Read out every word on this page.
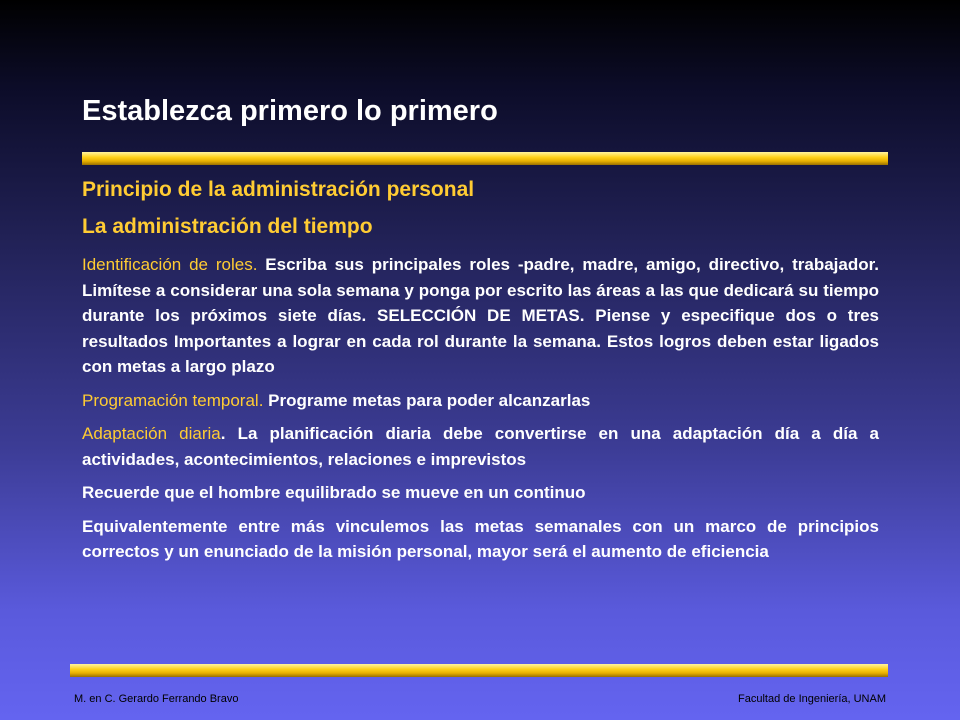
Establezca primero lo primero
Principio de la administración personal
La administración del tiempo

Identificación de roles. Escriba sus principales roles -padre, madre, amigo, directivo, trabajador. Limítese a considerar una sola semana y ponga por escrito las áreas a las que dedicará su tiempo durante los próximos siete días. SELECCIÓN DE METAS. Piense y especifique dos o tres resultados Importantes a lograr en cada rol durante la semana. Estos logros deben estar ligados con metas a largo plazo

Programación temporal. Programe metas para poder alcanzarlas

Adaptación diaria. La planificación diaria debe convertirse en una adaptación día a día a actividades, acontecimientos, relaciones e imprevistos

Recuerde que el hombre equilibrado se mueve en un continuo

Equivalentemente entre más vinculemos las metas semanales con un marco de principios correctos y un enunciado de la misión personal, mayor será el aumento de eficiencia

M. en C. Gerardo Ferrando Bravo	Facultad de Ingeniería, UNAM
